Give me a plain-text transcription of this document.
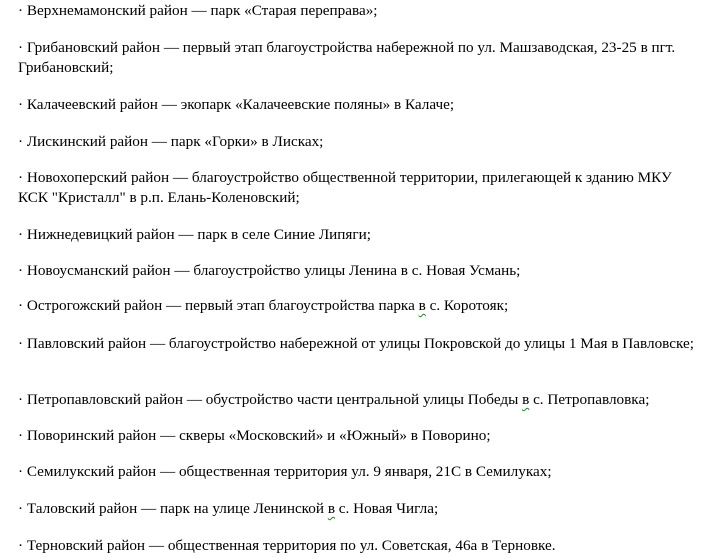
· Верхнемамонский район — парк «Старая переправа»;

· Грибановский район — первый этап благоустройства набережной по ул. Машзаводская, 23-25 в пгт. Грибановский;

· Калачеевский район — экопарк «Калачеевские поляны» в Калаче;

· Лискинский район — парк «Горки» в Лисках;

· Новохоперский район — благоустройство общественной территории, прилегающей к зданию МКУ КСК "Кристалл" в р.п. Елань-Коленовский;

· Нижнедевицкий район — парк в селе Синие Липяги;

· Новоусманский район — благоустройство улицы Ленина в с. Новая Усмань;

· Острогожский район — первый этап благоустройства парка в с. Коротояк;

· Павловский район — благоустройство набережной от улицы Покровской до улицы 1 Мая в Павловске;

· Петропавловский район — обустройство части центральной улицы Победы в с. Петропавловка;

· Поворинский район — скверы «Московский» и «Южный» в Поворино;

· Семилукский район — общественная территория ул. 9 января, 21С в Семилуках;

· Таловский район — парк на улице Ленинской в с. Новая Чигла;

· Терновский район — общественная территория по ул. Советская, 46а в Терновке.
